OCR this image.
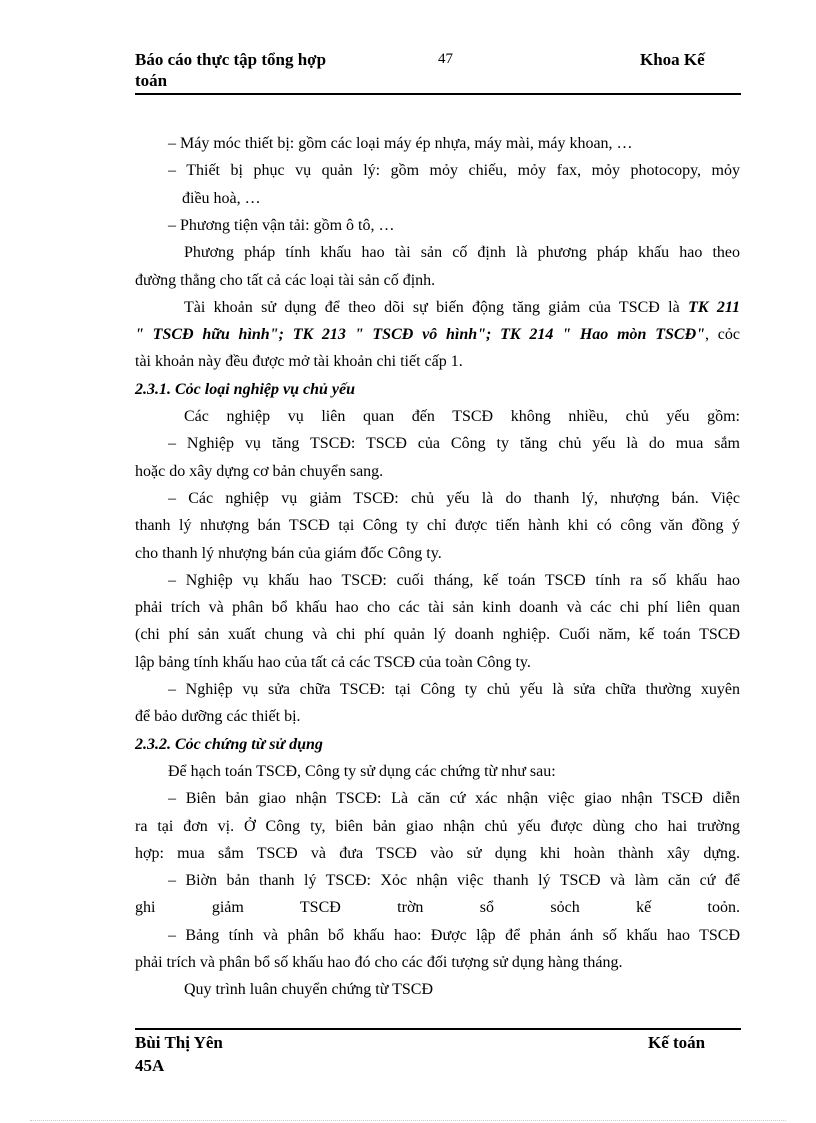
Báo cáo thực tập tổng hợp
toán
47	Khoa Kế
– Máy móc thiết bị: gồm các loại máy ép nhựa, máy mài, máy khoan, …
– Thiết bị phục vụ quản lý: gồm mỏy chiếu, mỏy fax, mỏy photocopy, mỏy
điều hoà, …
– Phương tiện vận tải: gồm ô tô, …
Phương pháp tính khấu hao tài sản cố định là phương pháp khấu hao theo
đường thẳng cho tất cả các loại tài sản cố định.
Tài khoản sử dụng để theo dõi sự biến động tăng giảm của TSCĐ là TK 211
" TSCĐ hữu hình"; TK 213 " TSCĐ vô hình"; TK 214 " Hao mòn TSCĐ", cỏc
tài khoản này đều được mở tài khoản chi tiết cấp 1.
2.3.1. Cỏc loại nghiệp vụ chủ yếu
Các nghiệp vụ liên quan đến TSCĐ không nhiều, chủ yếu gồm:
– Nghiệp vụ tăng TSCĐ: TSCĐ của Công ty tăng chủ yếu là do mua sắm
hoặc do xây dựng cơ bản chuyển sang.
– Các nghiệp vụ giảm TSCĐ: chủ yếu là do thanh lý, nhượng bán. Việc
thanh lý nhượng bán TSCĐ tại Công ty chỉ được tiến hành khi có công văn đồng ý
cho thanh lý nhượng bán của giám đốc Công ty.
– Nghiệp vụ khấu hao TSCĐ: cuối tháng, kế toán TSCĐ tính ra số khấu hao
phải trích và phân bổ khấu hao cho các tài sản kinh doanh và các chi phí liên quan
(chi phí sản xuất chung và chi phí quản lý doanh nghiệp. Cuối năm, kế toán TSCĐ
lập bảng tính khấu hao của tất cả các TSCĐ của toàn Công ty.
– Nghiệp vụ sửa chữa TSCĐ: tại Công ty chủ yếu là sửa chữa thường xuyên
để bảo dưỡng các thiết bị.
2.3.2. Cỏc chứng từ sử dụng
Để hạch toán TSCĐ, Công ty sử dụng các chứng từ như sau:
– Biên bản giao nhận TSCĐ: Là căn cứ xác nhận việc giao nhận TSCĐ diễn
ra tại đơn vị. Ở Công ty, biên bản giao nhận chủ yếu được dùng cho hai trường
hợp: mua sắm TSCĐ và đưa TSCĐ vào sử dụng khi hoàn thành xây dựng.
– Biờn bản thanh lý TSCĐ: Xỏc nhận việc thanh lý TSCĐ và làm căn cứ để
ghi giảm TSCĐ trờn sổ sỏch kế toỏn.
– Bảng tính và phân bổ khấu hao: Được lập để phản ánh số khấu hao TSCĐ
phải trích và phân bổ số khấu hao đó cho các đối tượng sử dụng hàng tháng.
Quy trình luân chuyển chứng từ TSCĐ
Bùi Thị Yên
45A
Kế toán
